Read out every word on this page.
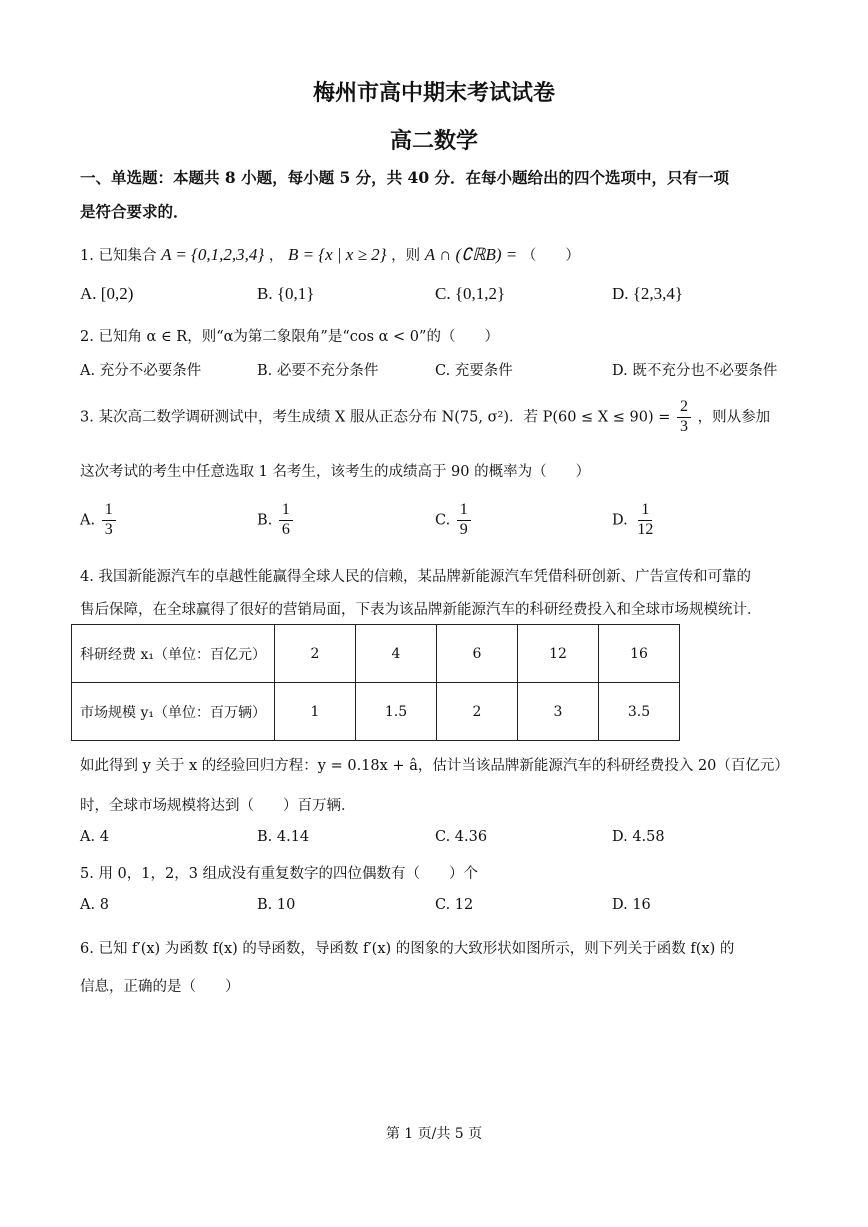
梅州市高中期末考试试卷
高二数学
一、单选题：本题共 8 小题，每小题 5 分，共 40 分．在每小题给出的四个选项中，只有一项
是符合要求的．
1. 已知集合 A = {0,1,2,3,4} ， B = {x | x ≥ 2} ，则 A ∩ (∁ℝB) = （　　）
A. [0,2)	B. {0,1}	C. {0,1,2}	D. {2,3,4}
2. 已知角 α ∈ R，则“α为第二象限角”是“cos α < 0”的（　　）
A. 充分不必要条件	B. 必要不充分条件	C. 充要条件	D. 既不充分也不必要条件
3. 某次高二数学调研测试中，考生成绩 X 服从正态分布 N(75, σ²)．若 $P(60 \le X \le 90) = \frac{2}{3}$ ，则从参加
这次考试的考生中任意选取 1 名考生，该考生的成绩高于 90 的概率为（　　）
A. $\frac{1}{3}$	B. $\frac{1}{6}$	C. $\frac{1}{9}$	D. $\frac{1}{12}$
4. 我国新能源汽车的卓越性能赢得全球人民的信赖，某品牌新能源汽车凭借科研创新、广告宣传和可靠的
售后保障，在全球赢得了很好的营销局面，下表为该品牌新能源汽车的科研经费投入和全球市场规模统计．
科研经费 x₁（单位：百亿元）	2	4	6	12	16
市场规模 y₁（单位：百万辆）	1	1.5	2	3	3.5
如此得到 y 关于 x 的经验回归方程：y = 0.18x + â，估计当该品牌新能源汽车的科研经费投入 20（百亿元）
时，全球市场规模将达到（　　）百万辆．
A. 4	B. 4.14	C. 4.36	D. 4.58
5. 用 0，1，2，3 组成没有重复数字的四位偶数有（　　）个
A. 8	B. 10	C. 12	D. 16
6. 已知 f′(x) 为函数 f(x) 的导函数，导函数 f′(x) 的图象的大致形状如图所示，则下列关于函数 f(x) 的
信息，正确的是（　　）
第 1 页/共 5 页
